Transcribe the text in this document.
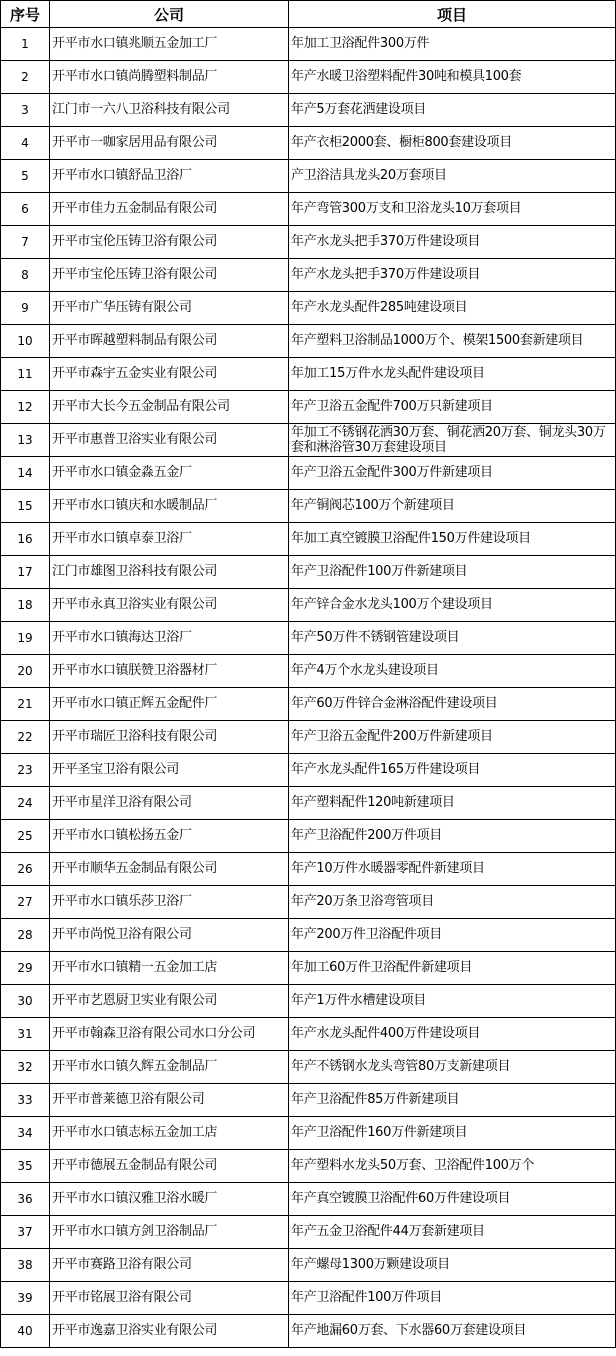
序号	公司	项目
1	开平市水口镇兆顺五金加工厂	年加工卫浴配件300万件
2	开平市水口镇尚腾塑料制品厂	年产水暖卫浴塑料配件30吨和模具100套
3	江门市一六八卫浴科技有限公司	年产5万套花洒建设项目
4	开平市一咖家居用品有限公司	年产衣柜2000套、橱柜800套建设项目
5	开平市水口镇舒品卫浴厂	产卫浴洁具龙头20万套项目
6	开平市佳力五金制品有限公司	年产弯管300万支和卫浴龙头10万套项目
7	开平市宝伦压铸卫浴有限公司	年产水龙头把手370万件建设项目
8	开平市宝伦压铸卫浴有限公司	年产水龙头把手370万件建设项目
9	开平市广华压铸有限公司	年产水龙头配件285吨建设项目
10	开平市晖越塑料制品有限公司	年产塑料卫浴制品1000万个、模架1500套新建项目
11	开平市森宇五金实业有限公司	年加工15万件水龙头配件建设项目
12	开平市大长今五金制品有限公司	年产卫浴五金配件700万只新建项目
13	开平市惠普卫浴实业有限公司	年加工不锈钢花洒30万套、铜花洒20万套、铜龙头30万套和淋浴管30万套建设项目
14	开平市水口镇金淼五金厂	年产卫浴五金配件300万件新建项目
15	开平市水口镇庆和水暖制品厂	年产铜阀芯100万个新建项目
16	开平市水口镇卓泰卫浴厂	年加工真空镀膜卫浴配件150万件建设项目
17	江门市雄图卫浴科技有限公司	年产卫浴配件100万件新建项目
18	开平市永真卫浴实业有限公司	年产锌合金水龙头100万个建设项目
19	开平市水口镇海达卫浴厂	年产50万件不锈钢管建设项目
20	开平市水口镇朕赞卫浴器材厂	年产4万个水龙头建设项目
21	开平市水口镇正辉五金配件厂	年产60万件锌合金淋浴配件建设项目
22	开平市瑞匠卫浴科技有限公司	年产卫浴五金配件200万件新建项目
23	开平圣宝卫浴有限公司	年产水龙头配件165万件建设项目
24	开平市星洋卫浴有限公司	年产塑料配件120吨新建项目
25	开平市水口镇松扬五金厂	年产卫浴配件200万件项目
26	开平市顺华五金制品有限公司	年产10万件水暖器零配件新建项目
27	开平市水口镇乐莎卫浴厂	年产20万条卫浴弯管项目
28	开平市尚悦卫浴有限公司	年产200万件卫浴配件项目
29	开平市水口镇精一五金加工店	年加工60万件卫浴配件新建项目
30	开平市艺恩厨卫实业有限公司	年产1万件水槽建设项目
31	开平市翰森卫浴有限公司水口分公司	年产水龙头配件400万件建设项目
32	开平市水口镇久辉五金制品厂	年产不锈钢水龙头弯管80万支新建项目
33	开平市普莱德卫浴有限公司	年产卫浴配件85万件新建项目
34	开平市水口镇志标五金加工店	年产卫浴配件160万件新建项目
35	开平市德展五金制品有限公司	年产塑料水龙头50万套、卫浴配件100万个
36	开平市水口镇汉雅卫浴水暖厂	年产真空镀膜卫浴配件60万件建设项目
37	开平市水口镇方剑卫浴制品厂	年产五金卫浴配件44万套新建项目
38	开平市赛路卫浴有限公司	年产螺母1300万颗建设项目
39	开平市铭展卫浴有限公司	年产卫浴配件100万件项目
40	开平市逸嘉卫浴实业有限公司	年产地漏60万套、下水器60万套建设项目
